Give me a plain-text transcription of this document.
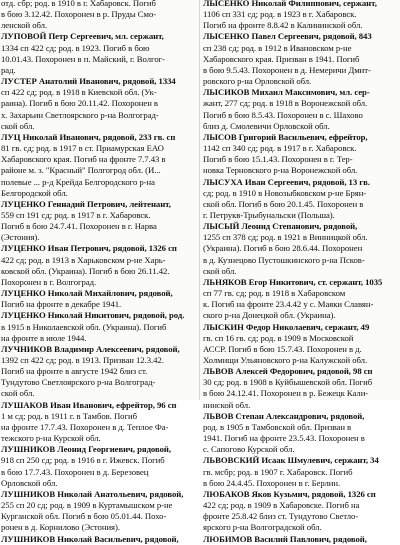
отд. сбр; род. в 1910 в г. Хабаровск. Погиб
в бою 3.12.42. Похоронен в р. Пруды Смо-
ленской обл.
ЛУПОВОЙ Петр Сергеевич, мл. сержант,
1334 сп 422 сд; род. в 1923. Погиб в бою
10.01.43. Похоронен в п. Майский, г. Волгог-
рад.
ЛУСТЕР Анатолий Иванович, рядовой, 1334
сп 422 сд; род. в 1918 в Киевской обл. (Ук-
раина). Погиб в бою 20.11.42. Похоронен в
х. Захарьин Светлоярского р-на Волгоград-
ской обл.
ЛУЦ Николай Иванович, рядовой, 233 гв. сп
81 гв. сд; род. в 1917 в ст. Приамурская ЕАО
Хабаровского края. Погиб на фронте 7.7.43 в
районе м. з. "Красный" Полгогрод обл. (И...
полевые ... р-д Крейда Белгородского р-на
Белгородской обл.
ЛУЦЕНКО Геннадий Петрович, лейтенант,
559 сп 191 сд; род. в 1917 в г. Хабаровск.
Погиб в бою 24.7.41. Похоронен в г. Нарва
(Эстония).
ЛУЦЕНКО Иван Петрович, рядовой, 1326 сп
422 сд; род. в 1913 в Харьковском р-не Харь-
ковской обл. (Украина). Погиб в бою 26.11.42.
Похоронен в г. Волгоград.
ЛУЦЕНКО Николай Михайлович, рядовой,
Погиб на фронте в декабре 1941.
ЛУЦЕНКО Николай Никитович, рядовой, род.
в 1915 в Николаевской обл. (Украина). Погиб
на фронте в июле 1944.
ЛУЧНИКОВ Владимир Алексеевич, рядовой,
1392 сп 422 сд; род. в 1913. Призван 12.3.42.
Погиб на фронте в августе 1942 близ ст.
Тундутово Светлоярского р-на Волгоград-
ской обл.
ЛУШАКОВ Иван Иванович, ефрейтор, 96 сп
1 м сд; род. в 1911 г. в Тамбов. Погиб
на фронте 17.7.43. Похоронен в д. Теплое Фа-
тежского р-на Курской обл.
ЛУШНИКОВ Леонид Георгиевич, рядовой,
918 сп 250 сд; род. в 1916 в г. Ижевск. Погиб
в бою 17.7.43. Похоронен в д. Березовец
Орловской обл.
ЛУШНИКОВ Николай Анатольевич, рядовой,
255 сп 20 сд; род. в 1909 в Куртамышском р-не
Курганской обл. Погиб в бою 05.01.44. Похо-
ронен в д. Корнилово (Эстония).
ЛУШНИКОВ Николай Васильевич, рядовой,
ЛЫСЕНКО Николай Филиппович, сержант,
1106 сп 331 сд; род. в 1923 в г. Хабаровск.
Погиб на фронте 8.8.42 в Калининской обл.
ЛЫСЕНКО Павел Сергеевич, рядовой, 843
сп 238 сд; род. в 1912 в Ивановском р-не
Хабаровского края. Призван в 1941. Погиб
в бою 9.5.43. Похоронен в д. Немеричи Дмит-
ровского р-на Орловской обл.
ЛЫСИКОВ Михаил Максимович, мл. сер-
жант, 277 сд; род. в 1918 в Воронежской обл.
Погиб в бою 8.5.43. Похоронен в с. Шахово
близ д. Смолевичи Орловской обл.
ЛЫСОВ Григорий Васильевич, ефрейтор,
1142 сп 340 сд; род. в 1917 в г. Хабаровск.
Погиб в бою 15.1.43. Похоронен в г. Тер-
новка Терновского р-на Воронежской обл.
ЛЫСУХА Иван Сергеевич, рядовой, 13 гв.
сд; род. в 1910 в Новозыбковском р-не Брян-
ской обл. Погиб в бою 20.1.45. Похоронен в
г. Петрукв-Трыбунальски (Польша).
ЛЫСЫЙ Леонид Степанович, рядовой,
1255 сп 378 сд; род. в 1921 в Винницкой обл.
(Украина). Погиб в бою 28.6.44. Похоронен
в д. Кузнецово Пустошкинского р-на Псков-
ской обл.
ЛЬНЯКОВ Егор Никитович, ст. сержант, 1035
сп 77 гв. сд; род. в 1918 в Хабаровском
к. Погиб на фронте 23.4.42 у с. Маяки Славян-
ского р-на Донецкой обл. (Украина).
ЛЫСКИН Федор Николаевич, сержант, 49
гв. сп 16 гв. сд; род. в 1909 в Московской
АССР. Погиб в бою 15.7.43. Похоронен в д.
Холмищи Ульяновского р-на Калужской обл.
ЛЬВОВ Алексей Федорович, рядовой, 98 сп
30 сд; род. в 1908 в Куйбышевской обл. Погиб
в бою 24.12.41. Похоронен в р. Бежецк Кали-
нинской обл.
ЛЬВОВ Степан Александрович, рядовой,
род. в 1905 в Тамбовской обл. Призван в
1941. Погиб на фронте 23.5.43. Похоронен в
с. Сапогово Курской обл.
ЛЬВОВСКИЙ Исаак Шмулевич, сержант, 34
гв. мсбр; род. в 1907 г. Хабаровск. Погиб
в бою 24.4.45. Похоронен в г. Берлин.
ЛЮБАКОВ Яков Кузьмич, рядовой, 1326 сп
422 сд; род. в 1909 в Хабаровске. Погиб на
фронте 25.8.42 близ ст. Тундутово Светло-
ярского р-на Волгоградской обл.
ЛЮБИМОВ Василий Павлович, рядовой,
